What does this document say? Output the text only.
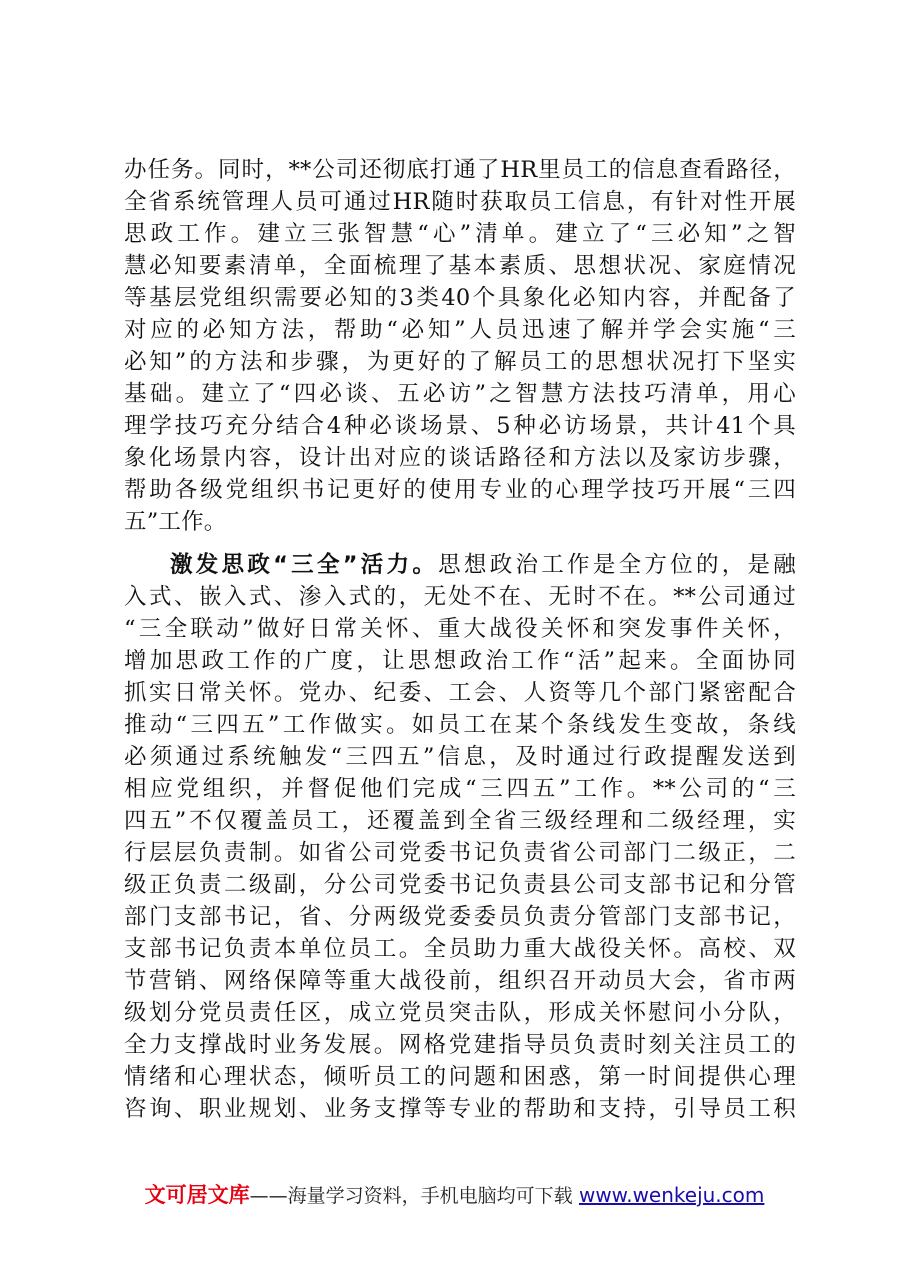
办任务。同时，**公司还彻底打通了HR里员工的信息查看路径，
全省系统管理人员可通过HR随时获取员工信息，有针对性开展
思政工作。建立三张智慧“心”清单。建立了“三必知”之智
慧必知要素清单，全面梳理了基本素质、思想状况、家庭情况
等基层党组织需要必知的3类40个具象化必知内容，并配备了
对应的必知方法，帮助“必知”人员迅速了解并学会实施“三
必知”的方法和步骤，为更好的了解员工的思想状况打下坚实
基础。建立了“四必谈、五必访”之智慧方法技巧清单，用心
理学技巧充分结合4种必谈场景、5种必访场景，共计41个具
象化场景内容，设计出对应的谈话路径和方法以及家访步骤，
帮助各级党组织书记更好的使用专业的心理学技巧开展“三四
五”工作。
激发思政“三全”活力。思想政治工作是全方位的，是融
入式、嵌入式、渗入式的，无处不在、无时不在。**公司通过
“三全联动”做好日常关怀、重大战役关怀和突发事件关怀，
增加思政工作的广度，让思想政治工作“活”起来。全面协同
抓实日常关怀。党办、纪委、工会、人资等几个部门紧密配合
推动“三四五”工作做实。如员工在某个条线发生变故，条线
必须通过系统触发“三四五”信息，及时通过行政提醒发送到
相应党组织，并督促他们完成“三四五”工作。**公司的“三
四五”不仅覆盖员工，还覆盖到全省三级经理和二级经理，实
行层层负责制。如省公司党委书记负责省公司部门二级正，二
级正负责二级副，分公司党委书记负责县公司支部书记和分管
部门支部书记，省、分两级党委委员负责分管部门支部书记，
支部书记负责本单位员工。全员助力重大战役关怀。高校、双
节营销、网络保障等重大战役前，组织召开动员大会，省市两
级划分党员责任区，成立党员突击队，形成关怀慰问小分队，
全力支撑战时业务发展。网格党建指导员负责时刻关注员工的
情绪和心理状态，倾听员工的问题和困惑，第一时间提供心理
咨询、职业规划、业务支撑等专业的帮助和支持，引导员工积
文可居文库——海量学习资料，手机电脑均可下载 www.wenkeju.com
